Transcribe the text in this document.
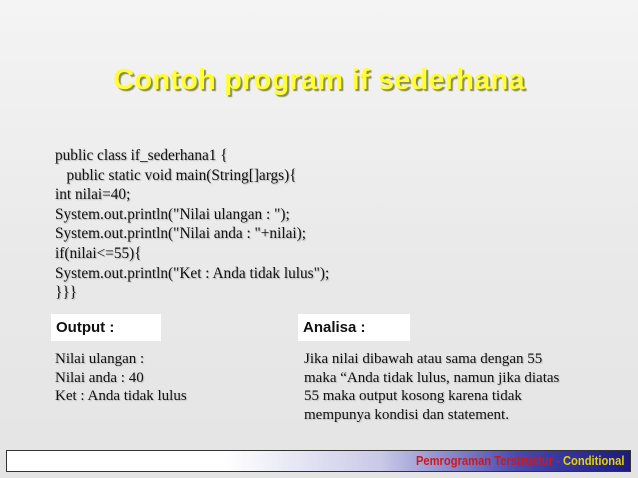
Contoh program if sederhana
public class if_sederhana1 {
public static void main(String[]args){
int nilai=40;
System.out.println("Nilai ulangan : ");
System.out.println("Nilai anda : "+nilai);
if(nilai<=55){
System.out.println("Ket : Anda tidak lulus");
}}}
Output :	Analisa :
Nilai ulangan :
Nilai anda : 40
Ket : Anda tidak lulus
Jika nilai dibawah atau sama dengan 55
maka “Anda tidak lulus, namun jika diatas
55 maka output kosong karena tidak
mempunya kondisi dan statement.
Pemrograman Terstruktur - Conditional
